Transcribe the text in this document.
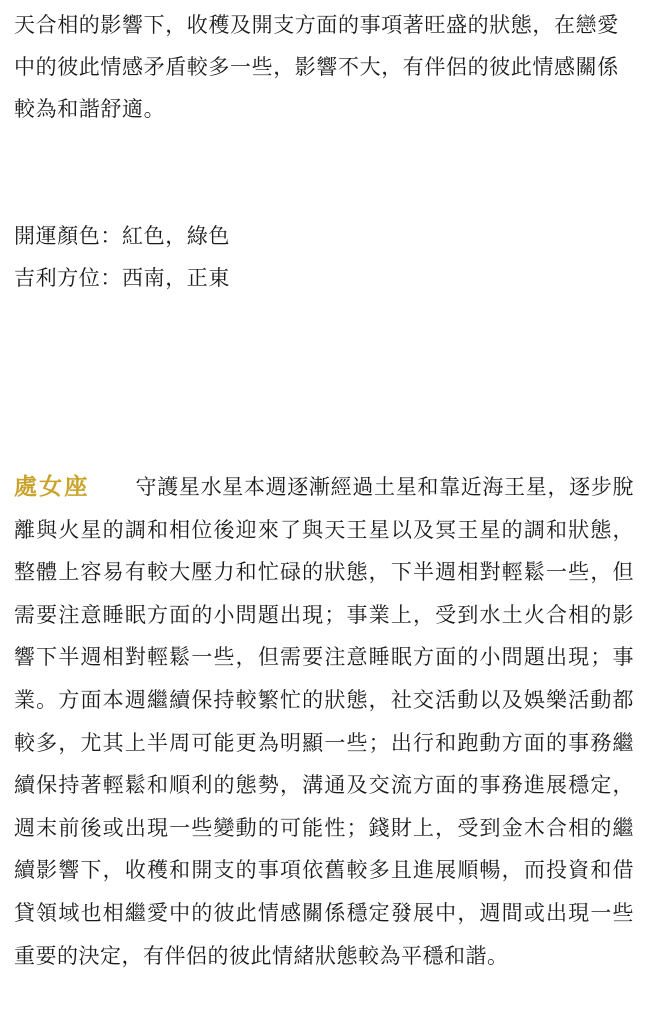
天合相的影響下，收穫及開支方面的事項著旺盛的狀態，在戀愛中的彼此情感矛盾較多一些，影響不大，有伴侶的彼此情感關係較為和諧舒適。

開運顏色：紅色，綠色
吉利方位：西南，正東

處女座 守護星水星本週逐漸經過土星和靠近海王星，逐步脫離與火星的調和相位後迎來了與天王星以及冥王星的調和狀態，整體上容易有較大壓力和忙碌的狀態，下半週相對輕鬆一些，但需要注意睡眠方面的小問題出現；事業上，受到水土火合相的影響下半週相對輕鬆一些，但需要注意睡眠方面的小問題出現；事業。方面本週繼續保持較繁忙的狀態，社交活動以及娛樂活動都較多，尤其上半周可能更為明顯一些；出行和跑動方面的事務繼續保持著輕鬆和順利的態勢，溝通及交流方面的事務進展穩定，週末前後或出現一些變動的可能性；錢財上，受到金木合相的繼續影響下，收穫和開支的事項依舊較多且進展順暢，而投資和借貸領域也相繼愛中的彼此情感關係穩定發展中，週間或出現一些重要的決定，有伴侶的彼此情緒狀態較為平穩和諧。
